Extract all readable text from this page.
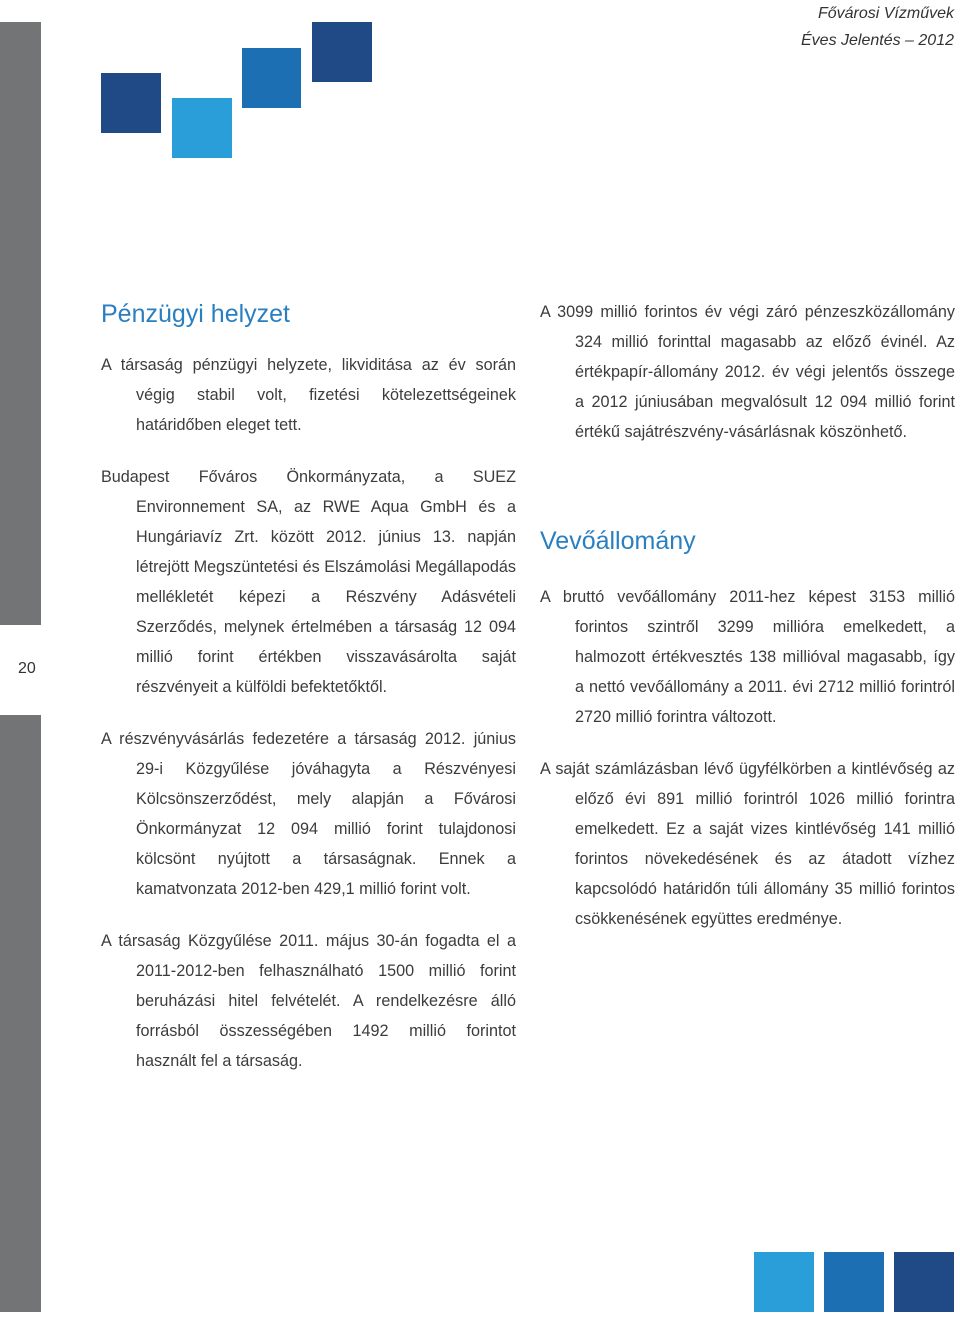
20
Fővárosi Vízművek
Éves Jelentés – 2012
Pénzügyi helyzet

A társaság pénzügyi helyzete, likviditása az év során végig stabil volt, fizetési kötelezettségeinek határidőben eleget tett.

Budapest Főváros Önkormányzata, a SUEZ Environnement SA, az RWE Aqua GmbH és a Hungáriavíz Zrt. között 2012. június 13. napján létrejött Megszüntetési és Elszámolási Megállapodás mellékletét képezi a Részvény Adásvételi Szerződés, melynek értelmében a társaság 12 094 millió forint értékben visszavásárolta saját részvényeit a külföldi befektetőktől.

A részvényvásárlás fedezetére a társaság 2012. június 29-i Közgyűlése jóváhagyta a Részvényesi Kölcsönszerződést, mely alapján a Fővárosi Önkormányzat 12 094 millió forint tulajdonosi kölcsönt nyújtott a társaságnak. Ennek a kamatvonzata 2012-ben 429,1 millió forint volt.

A társaság Közgyűlése 2011. május 30-án fogadta el a 2011-2012-ben felhasználható 1500 millió forint beruházási hitel felvételét. A rendelkezésre álló forrásból összességében 1492 millió forintot használt fel a társaság.

A 3099 millió forintos év végi záró pénzeszközállomány 324 millió forinttal magasabb az előző évinél. Az értékpapír-állomány 2012. év végi jelentős összege a 2012 júniusában megvalósult 12 094 millió forint értékű sajátrészvény-vásárlásnak köszönhető.

Vevőállomány

A bruttó vevőállomány 2011-hez képest 3153 millió forintos szintről 3299 millióra emelkedett, a halmozott értékvesztés 138 millióval magasabb, így a nettó vevőállomány a 2011. évi 2712 millió forintról 2720 millió forintra változott.

A saját számlázásban lévő ügyfélkörben a kintlévőség az előző évi 891 millió forintról 1026 millió forintra emelkedett. Ez a saját vizes kintlévőség 141 millió forintos növekedésének és az átadott vízhez kapcsolódó határidőn túli állomány 35 millió forintos csökkenésének együttes eredménye.
